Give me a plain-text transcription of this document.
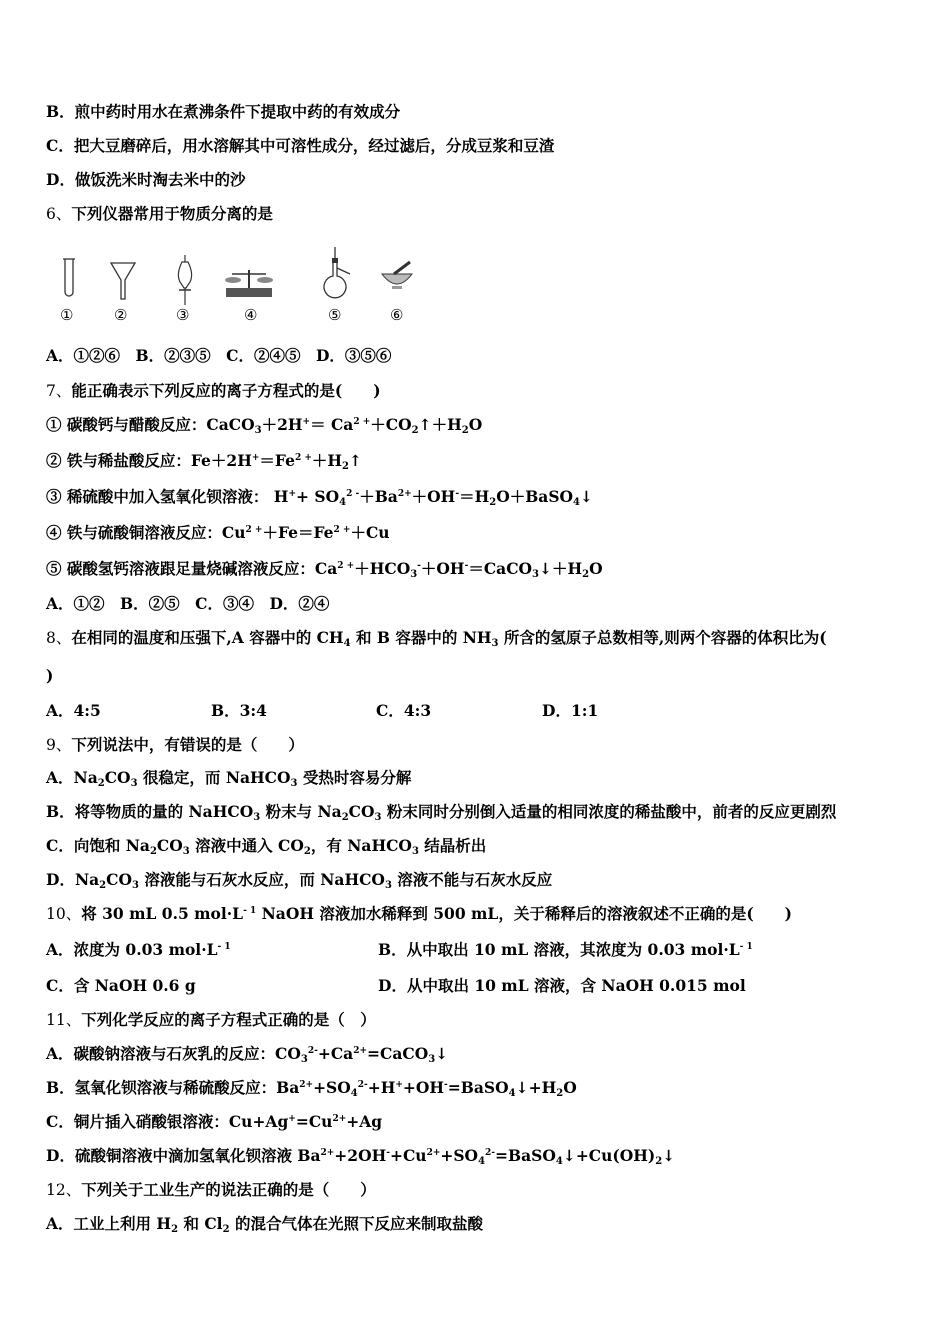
B．煎中药时用水在煮沸条件下提取中药的有效成分
C．把大豆磨碎后，用水溶解其中可溶性成分，经过滤后，分成豆浆和豆渣
D．做饭洗米时淘去米中的沙
6、下列仪器常用于物质分离的是
①	②	③	④	⑤	⑥
A．①②⑥　B．②③⑤　C．②④⑤　D．③⑤⑥
7、能正确表示下列反应的离子方程式的是(　　)
① 碳酸钙与醋酸反应：CaCO$_3$＋2H+＝ $Ca^{2 +}+CO_2↑+H_2O$
② 铁与稀盐酸反应：$Fe+2H^+=Fe^{2 +}+H_2↑$
③ 稀硫酸中加入氢氧化钡溶液： $H^++ SO_4^{2 -}+Ba^{2+}+OH^-=H_2O+BaSO_4↓$
④ 铁与硫酸铜溶液反应：$Cu^{2 +}+Fe=Fe^{2 +}+Cu$
⑤ 碳酸氢钙溶液跟足量烧碱溶液反应：$Ca^{2 +}+HCO_3^-+OH^-=CaCO_3↓+H_2O$
A．①②　B．②⑤　C．③④　D．②④
8、在相同的温度和压强下,A 容器中的 $CH_4$ 和 B 容器中的 $NH_3$ 所含的氢原子总数相等,则两个容器的体积比为(
)
A．4:5	B．3:4	C．4:3	D．1:1
9、下列说法中，有错误的是（　　）
A．$Na_2CO_3$ 很稳定，而 NaHCO$_3$ 受热时容易分解
B．将等物质的量的 NaHCO$_3$ 粉末与 $Na_2CO_3$ 粉末同时分别倒入适量的相同浓度的稀盐酸中，前者的反应更剧烈
C．向饱和 $Na_2CO_3$ 溶液中通入 $CO_2$，有 NaHCO$_3$ 结晶析出
D．$Na_2CO_3$ 溶液能与石灰水反应，而 NaHCO$_3$ 溶液不能与石灰水反应
10、将 30 mL 0.5 $mol\cdot L^{- 1}$ NaOH 溶液加水稀释到 500 mL，关于稀释后的溶液叙述不正确的是(　　)
A．浓度为 0.03 $mol\cdot L^{- 1}$	B．从中取出 10 mL 溶液，其浓度为 0.03 $mol\cdot L^{- 1}$
C．含 NaOH 0.6 g	D．从中取出 10 mL 溶液，含 NaOH 0.015 mol
11、下列化学反应的离子方程式正确的是（　）
A．碳酸钠溶液与石灰乳的反应：$CO_3^{2-}+Ca^{2+}=CaCO_3↓$
B．氢氧化钡溶液与稀硫酸反应：$Ba^{2+}+SO_4^{2-}+H^++OH^-=BaSO_4↓+H_2O$
C．铜片插入硝酸银溶液：$Cu+Ag^+=Cu^{2+}+Ag$
D．硫酸铜溶液中滴加氢氧化钡溶液 $Ba^{2+}+2OH^-+Cu^{2+}+SO_4^{2-}=BaSO_4↓+Cu(OH)_2↓$
12、下列关于工业生产的说法正确的是（　　）
A．工业上利用 $H_2$ 和 $Cl_2$ 的混合气体在光照下反应来制取盐酸
